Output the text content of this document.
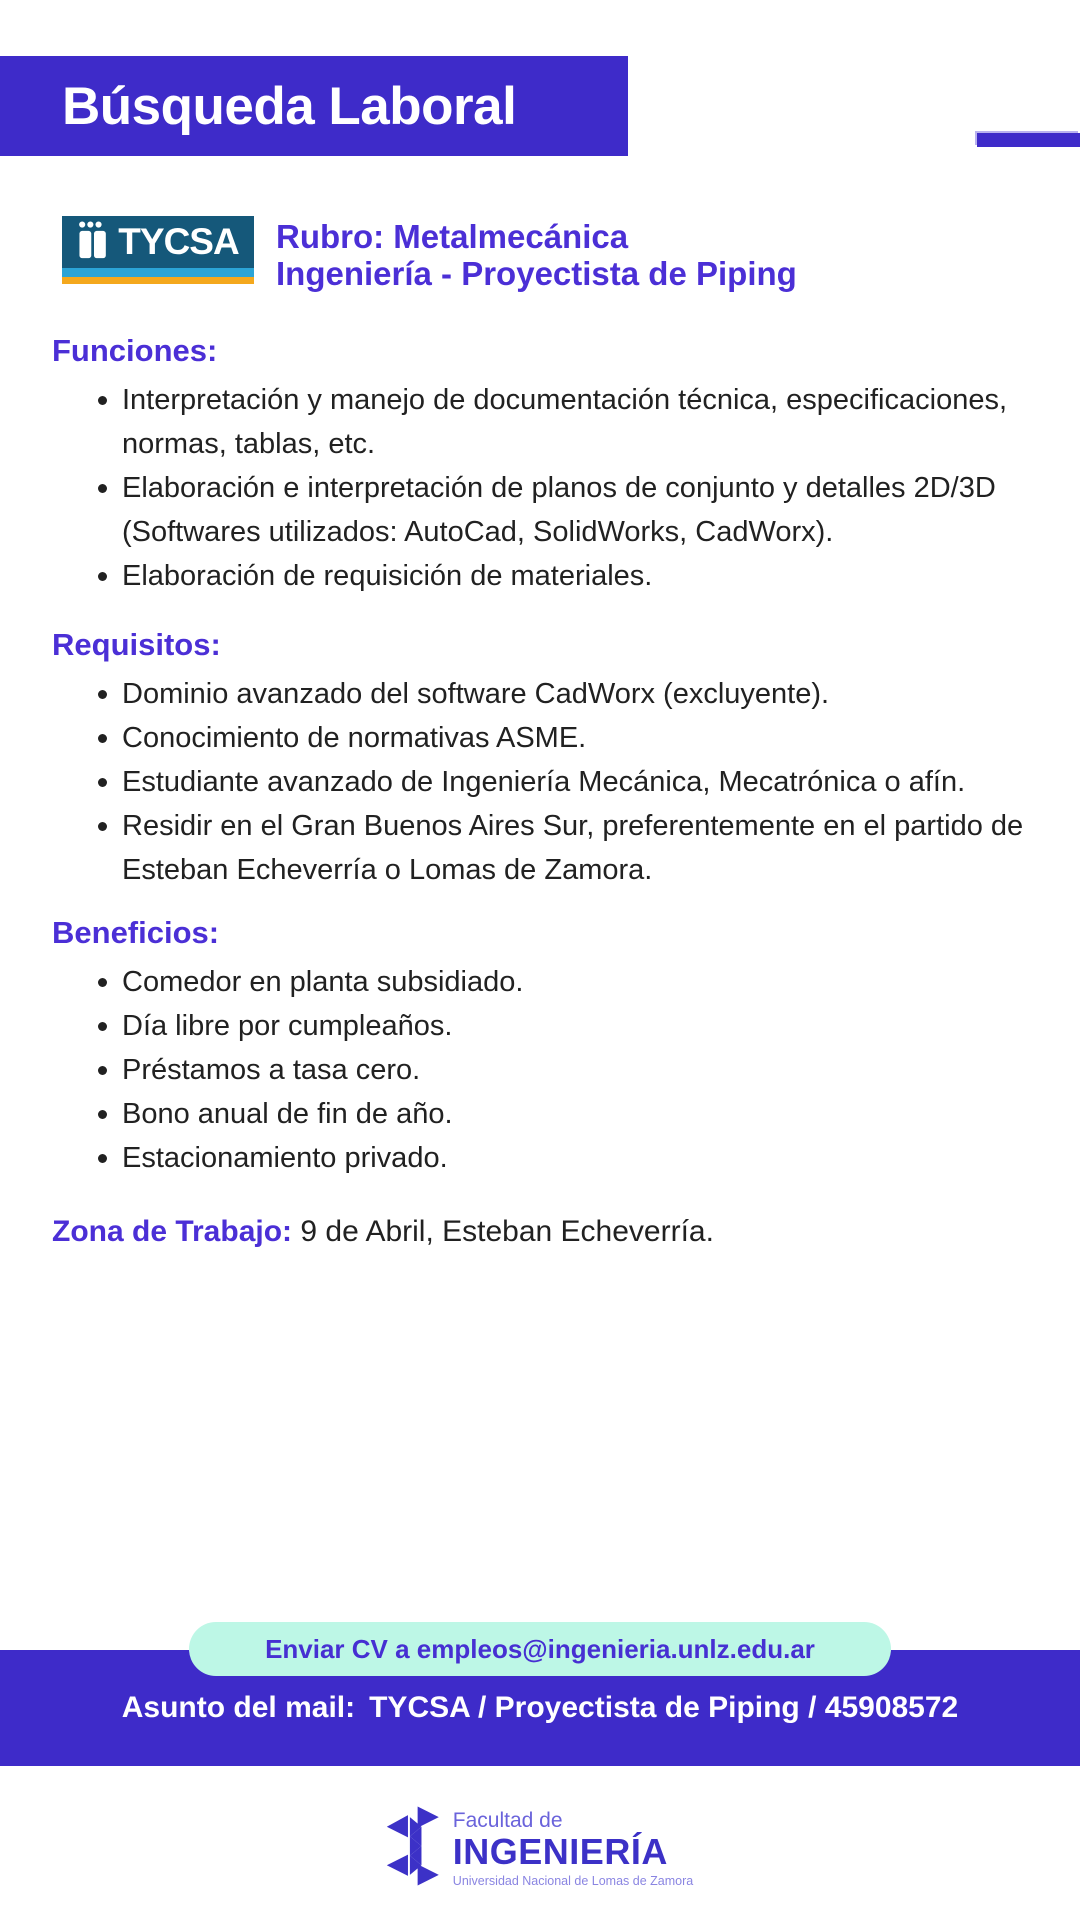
Búsqueda Laboral
TYCSA Rubro: Metalmecánica
Ingeniería - Proyectista de Piping
Funciones:
Interpretación y manejo de documentación técnica, especificaciones, normas, tablas, etc.
Elaboración e interpretación de planos de conjunto y detalles 2D/3D (Softwares utilizados: AutoCad, SolidWorks, CadWorx).
Elaboración de requisición de materiales.
Requisitos:
Dominio avanzado del software CadWorx (excluyente).
Conocimiento de normativas ASME.
Estudiante avanzado de Ingeniería Mecánica, Mecatrónica o afín.
Residir en el Gran Buenos Aires Sur, preferentemente en el partido de Esteban Echeverría o Lomas de Zamora.
Beneficios:
Comedor en planta subsidiado.
Día libre por cumpleaños.
Préstamos a tasa cero.
Bono anual de fin de año.
Estacionamiento privado.
Zona de Trabajo: 9 de Abril, Esteban Echeverría.
Enviar CV a empleos@ingenieria.unlz.edu.ar
Asunto del mail: TYCSA / Proyectista de Piping / 45908572
Facultad de
INGENIERÍA
Universidad Nacional de Lomas de Zamora
